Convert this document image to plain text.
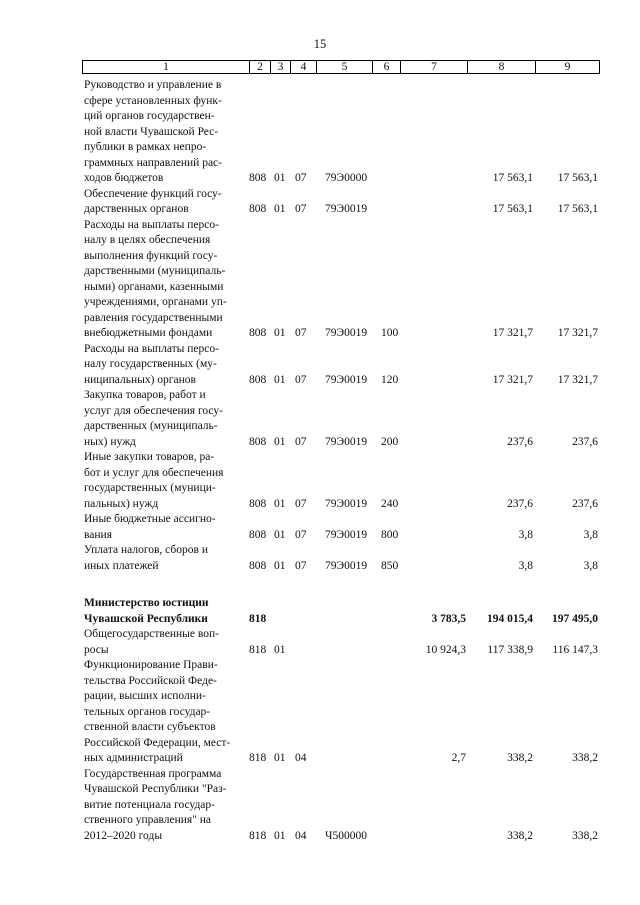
15
1	2	3	4	5	6	7	8	9
Руководство и управление в
сфере установленных функ-
ций органов государствен-
ной власти Чувашской Рес-
публики в рамках непро-
граммных направлений рас-
ходов бюджетов	808 01 07 79Э0000	17 563,1 17 563,1
Обеспечение функций госу-
дарственных органов	808 01 07 79Э0019	17 563,1 17 563,1
Расходы на выплаты персо-
налу в целях обеспечения
выполнения функций госу-
дарственными (муниципаль-
ными) органами, казенными
учреждениями, органами уп-
равления государственными
внебюджетными фондами	808 01 07 79Э0019 100	17 321,7 17 321,7
Расходы на выплаты персо-
налу государственных (му-
ниципальных) органов	808 01 07 79Э0019 120	17 321,7 17 321,7
Закупка товаров, работ и
услуг для обеспечения госу-
дарственных (муниципаль-
ных) нужд	808 01 07 79Э0019 200	237,6	237,6
Иные закупки товаров, ра-
бот и услуг для обеспечения
государственных (муници-
пальных) нужд	808 01 07 79Э0019 240	237,6	237,6
Иные бюджетные ассигно-
вания	808 01 07 79Э0019 800	3,8	3,8
Уплата налогов, сборов и
иных платежей	808 01 07 79Э0019 850	3,8	3,8
Министерство юстиции
Чувашской Республики	818	3 783,5 194 015,4 197 495,0
Общегосударственные воп-
росы	818 01	10 924,3 117 338,9 116 147,3
Функционирование Прави-
тельства Российской Феде-
рации, высших исполни-
тельных органов государ-
ственной власти субъектов
Российской Федерации, мест-
ных администраций	818 01 04	2,7	338,2	338,2
Государственная программа
Чувашской Республики "Раз-
витие потенциала государ-
ственного управления" на
2012–2020 годы	818 01 04 Ч500000	338,2	338,2
